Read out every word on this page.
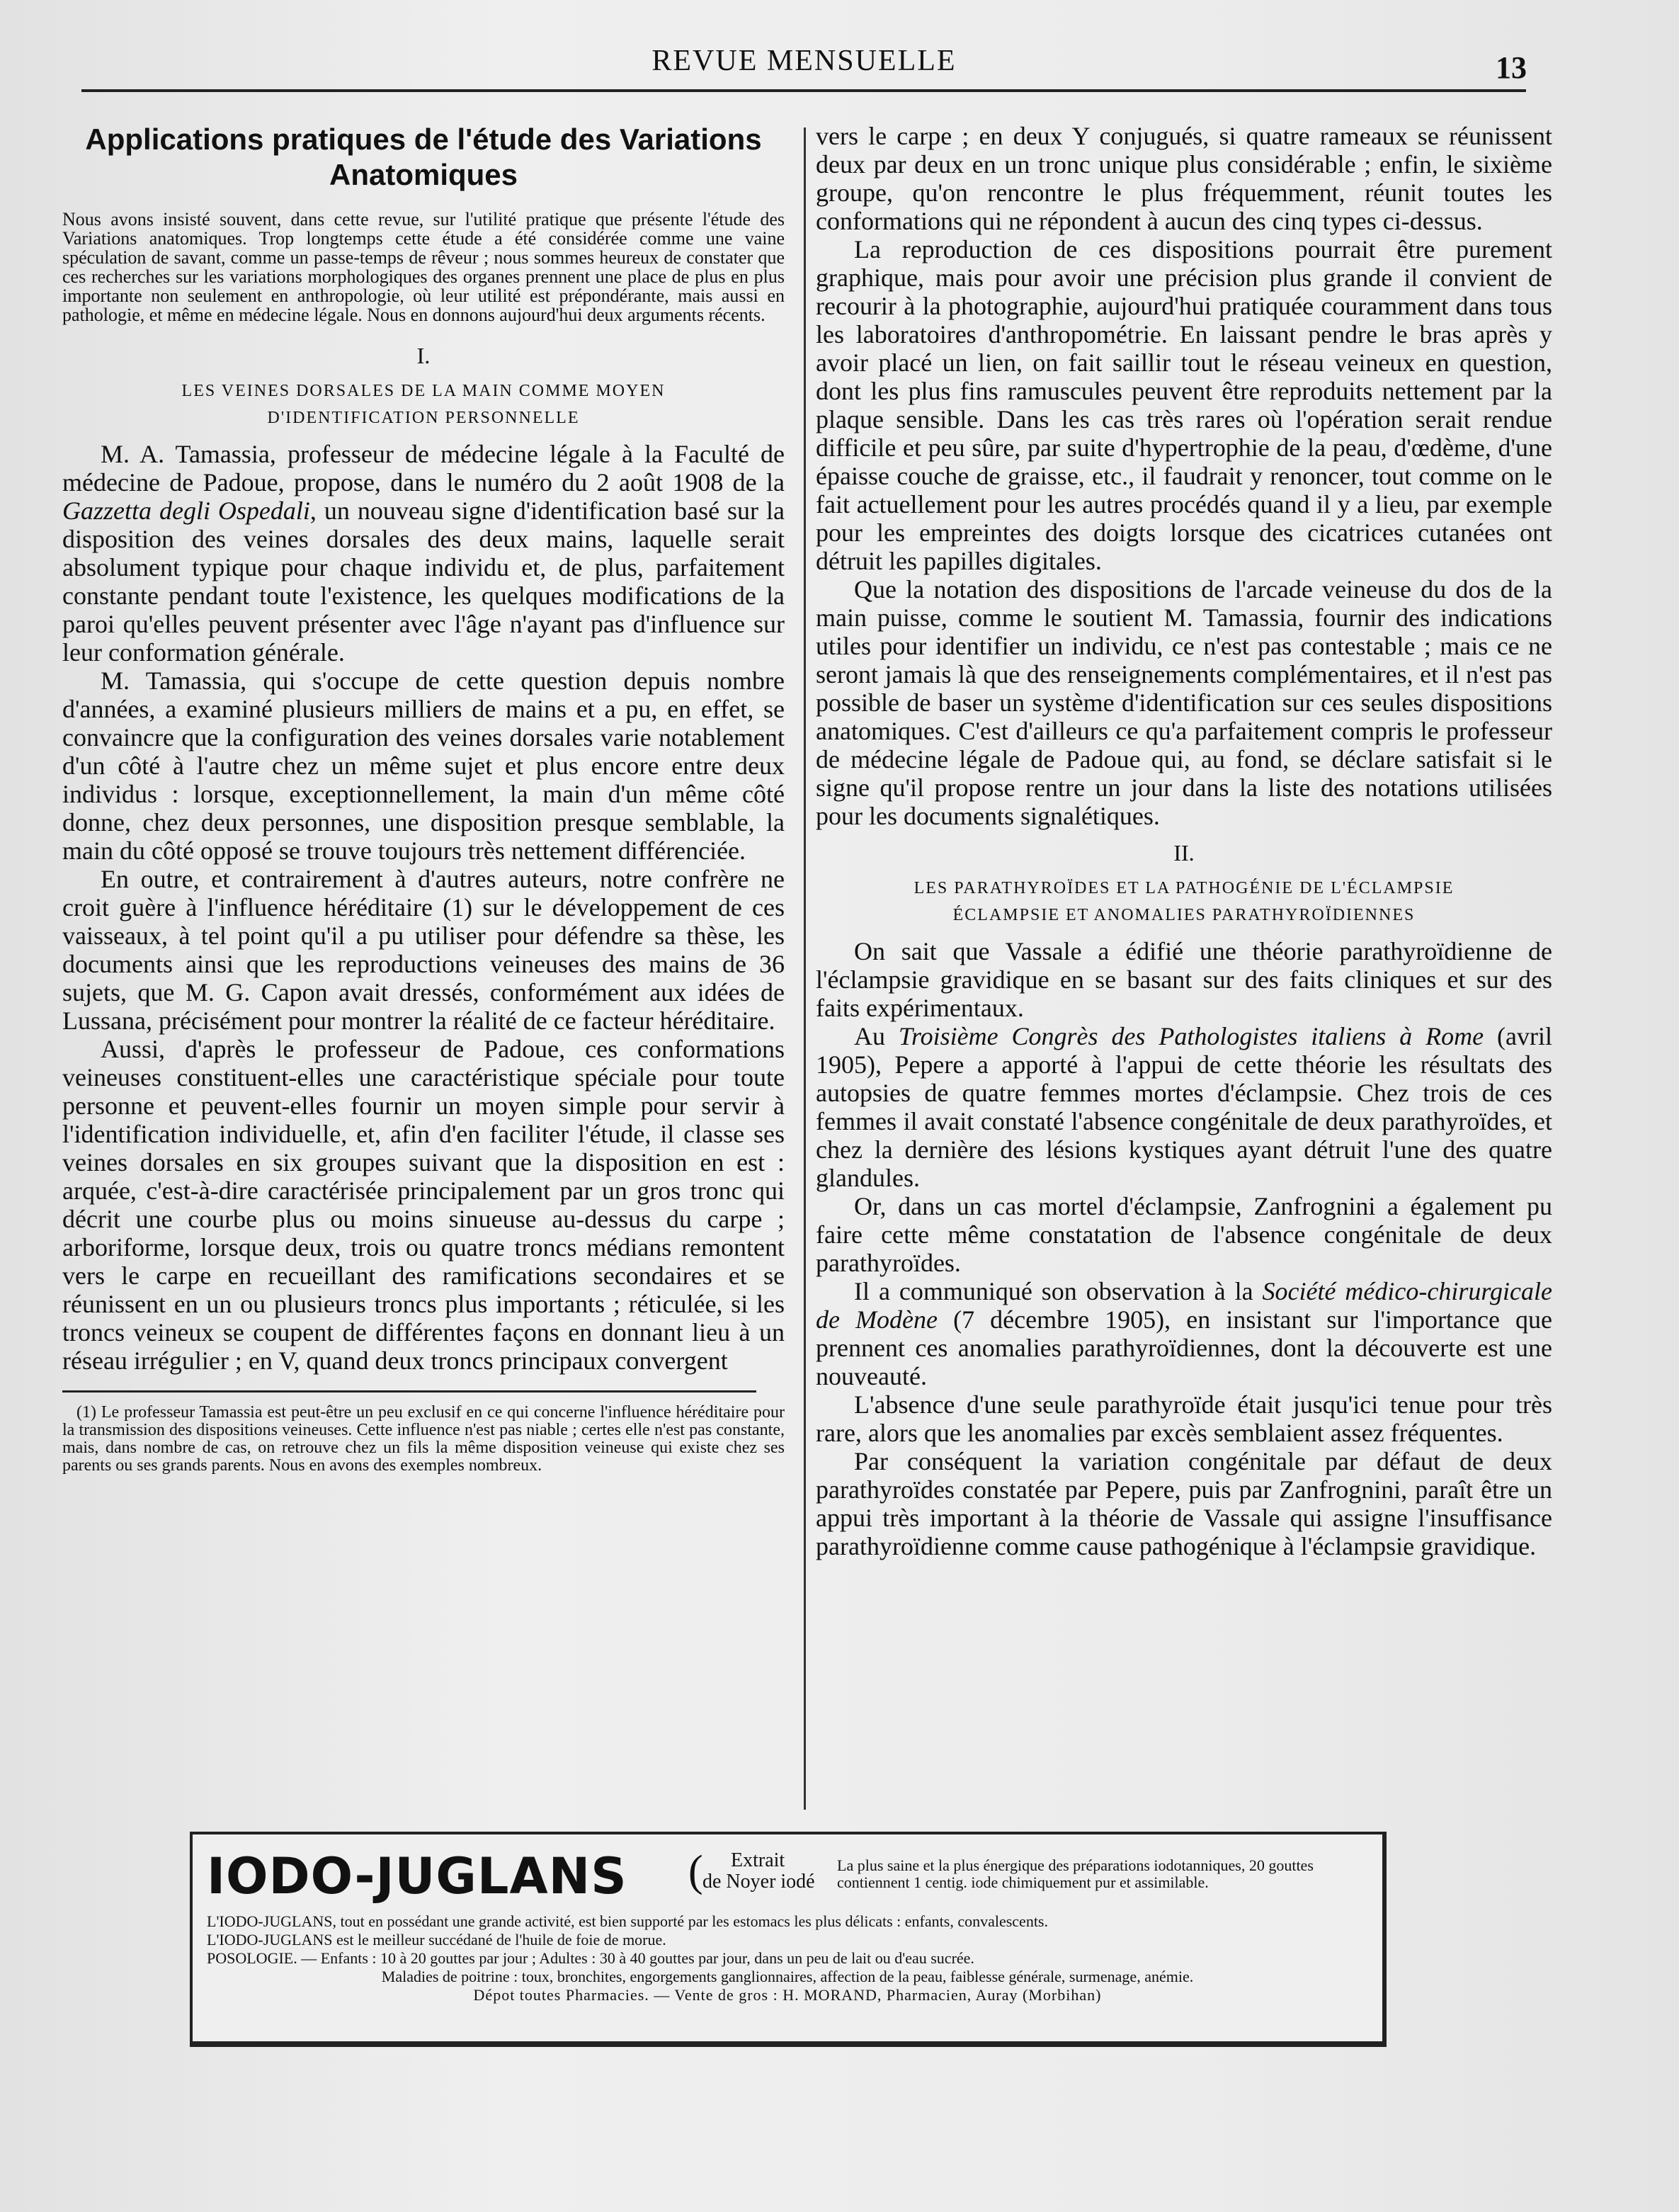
REVUE MENSUELLE	13
Applications pratiques de l'étude des Variations Anatomiques

Nous avons insisté souvent, dans cette revue, sur l'utilité pratique que présente l'étude des Variations anatomiques. Trop longtemps cette étude a été considérée comme une vaine spéculation de savant, comme un passe-temps de rêveur ; nous sommes heureux de constater que ces recherches sur les variations morphologiques des organes prennent une place de plus en plus importante non seulement en anthropologie, où leur utilité est prépondérante, mais aussi en pathologie, et même en médecine légale. Nous en donnons aujourd'hui deux arguments récents.

I.
LES VEINES DORSALES DE LA MAIN COMME MOYEN
D'IDENTIFICATION PERSONNELLE

M. A. Tamassia, professeur de médecine légale à la Faculté de médecine de Padoue, propose, dans le numéro du 2 août 1908 de la Gazzetta degli Ospedali, un nouveau signe d'identification basé sur la disposition des veines dorsales des deux mains, laquelle serait absolument typique pour chaque individu et, de plus, parfaitement constante pendant toute l'existence, les quelques modifications de la paroi qu'elles peuvent présenter avec l'âge n'ayant pas d'influence sur leur conformation générale.

M. Tamassia, qui s'occupe de cette question depuis nombre d'années, a examiné plusieurs milliers de mains et a pu, en effet, se convaincre que la configuration des veines dorsales varie notablement d'un côté à l'autre chez un même sujet et plus encore entre deux individus : lorsque, exceptionnellement, la main d'un même côté donne, chez deux personnes, une disposition presque semblable, la main du côté opposé se trouve toujours très nettement différenciée.

En outre, et contrairement à d'autres auteurs, notre confrère ne croit guère à l'influence héréditaire (1) sur le développement de ces vaisseaux, à tel point qu'il a pu utiliser pour défendre sa thèse, les documents ainsi que les reproductions veineuses des mains de 36 sujets, que M. G. Capon avait dressés, conformément aux idées de Lussana, précisément pour montrer la réalité de ce facteur héréditaire.

Aussi, d'après le professeur de Padoue, ces conformations veineuses constituent-elles une caractéristique spéciale pour toute personne et peuvent-elles fournir un moyen simple pour servir à l'identification individuelle, et, afin d'en faciliter l'étude, il classe ses veines dorsales en six groupes suivant que la disposition en est : arquée, c'est-à-dire caractérisée principalement par un gros tronc qui décrit une courbe plus ou moins sinueuse au-dessus du carpe ; arboriforme, lorsque deux, trois ou quatre troncs médians remontent vers le carpe en recueillant des ramifications secondaires et se réunissent en un ou plusieurs troncs plus importants ; réticulée, si les troncs veineux se coupent de différentes façons en donnant lieu à un réseau irrégulier ; en V, quand deux troncs principaux convergent

(1) Le professeur Tamassia est peut-être un peu exclusif en ce qui concerne l'influence héréditaire pour la transmission des dispositions veineuses. Cette influence n'est pas niable ; certes elle n'est pas constante, mais, dans nombre de cas, on retrouve chez un fils la même disposition veineuse qui existe chez ses parents ou ses grands parents. Nous en avons des exemples nombreux.

vers le carpe ; en deux Y conjugués, si quatre rameaux se réunissent deux par deux en un tronc unique plus considérable ; enfin, le sixième groupe, qu'on rencontre le plus fréquemment, réunit toutes les conformations qui ne répondent à aucun des cinq types ci-dessus.

La reproduction de ces dispositions pourrait être purement graphique, mais pour avoir une précision plus grande il convient de recourir à la photographie, aujourd'hui pratiquée couramment dans tous les laboratoires d'anthropométrie. En laissant pendre le bras après y avoir placé un lien, on fait saillir tout le réseau veineux en question, dont les plus fins ramuscules peuvent être reproduits nettement par la plaque sensible. Dans les cas très rares où l'opération serait rendue difficile et peu sûre, par suite d'hypertrophie de la peau, d'œdème, d'une épaisse couche de graisse, etc., il faudrait y renoncer, tout comme on le fait actuellement pour les autres procédés quand il y a lieu, par exemple pour les empreintes des doigts lorsque des cicatrices cutanées ont détruit les papilles digitales.

Que la notation des dispositions de l'arcade veineuse du dos de la main puisse, comme le soutient M. Tamassia, fournir des indications utiles pour identifier un individu, ce n'est pas contestable ; mais ce ne seront jamais là que des renseignements complémentaires, et il n'est pas possible de baser un système d'identification sur ces seules dispositions anatomiques. C'est d'ailleurs ce qu'a parfaitement compris le professeur de médecine légale de Padoue qui, au fond, se déclare satisfait si le signe qu'il propose rentre un jour dans la liste des notations utilisées pour les documents signalétiques.

II.
LES PARATHYROÏDES ET LA PATHOGÉNIE DE L'ÉCLAMPSIE
ÉCLAMPSIE ET ANOMALIES PARATHYROÏDIENNES

On sait que Vassale a édifié une théorie parathyroïdienne de l'éclampsie gravidique en se basant sur des faits cliniques et sur des faits expérimentaux.

Au Troisième Congrès des Pathologistes italiens à Rome (avril 1905), Pepere a apporté à l'appui de cette théorie les résultats des autopsies de quatre femmes mortes d'éclampsie. Chez trois de ces femmes il avait constaté l'absence congénitale de deux parathyroïdes, et chez la dernière des lésions kystiques ayant détruit l'une des quatre glandules.

Or, dans un cas mortel d'éclampsie, Zanfrognini a également pu faire cette même constatation de l'absence congénitale de deux parathyroïdes.

Il a communiqué son observation à la Société médico-chirurgicale de Modène (7 décembre 1905), en insistant sur l'importance que prennent ces anomalies parathyroïdiennes, dont la découverte est une nouveauté.

L'absence d'une seule parathyroïde était jusqu'ici tenue pour très rare, alors que les anomalies par excès semblaient assez fréquentes.

Par conséquent la variation congénitale par défaut de deux parathyroïdes constatée par Pepere, puis par Zanfrognini, paraît être un appui très important à la théorie de Vassale qui assigne l'insuffisance parathyroïdienne comme cause pathogénique à l'éclampsie gravidique.

IODO-JUGLANS (	Extrait
de Noyer iodé
La plus saine et la plus énergique des préparations iodotanniques, 20 gouttes contiennent 1 centig. iode chimiquement pur et assimilable.
L'IODO-JUGLANS, tout en possédant une grande activité, est bien supporté par les estomacs les plus délicats : enfants, convalescents.
L'IODO-JUGLANS est le meilleur succédané de l'huile de foie de morue.
POSOLOGIE. — Enfants : 10 à 20 gouttes par jour ; Adultes : 30 à 40 gouttes par jour, dans un peu de lait ou d'eau sucrée.
Maladies de poitrine : toux, bronchites, engorgements ganglionnaires, affection de la peau, faiblesse générale, surmenage, anémie.
Dépot toutes Pharmacies. — Vente de gros : H. MORAND, Pharmacien, Auray (Morbihan)
